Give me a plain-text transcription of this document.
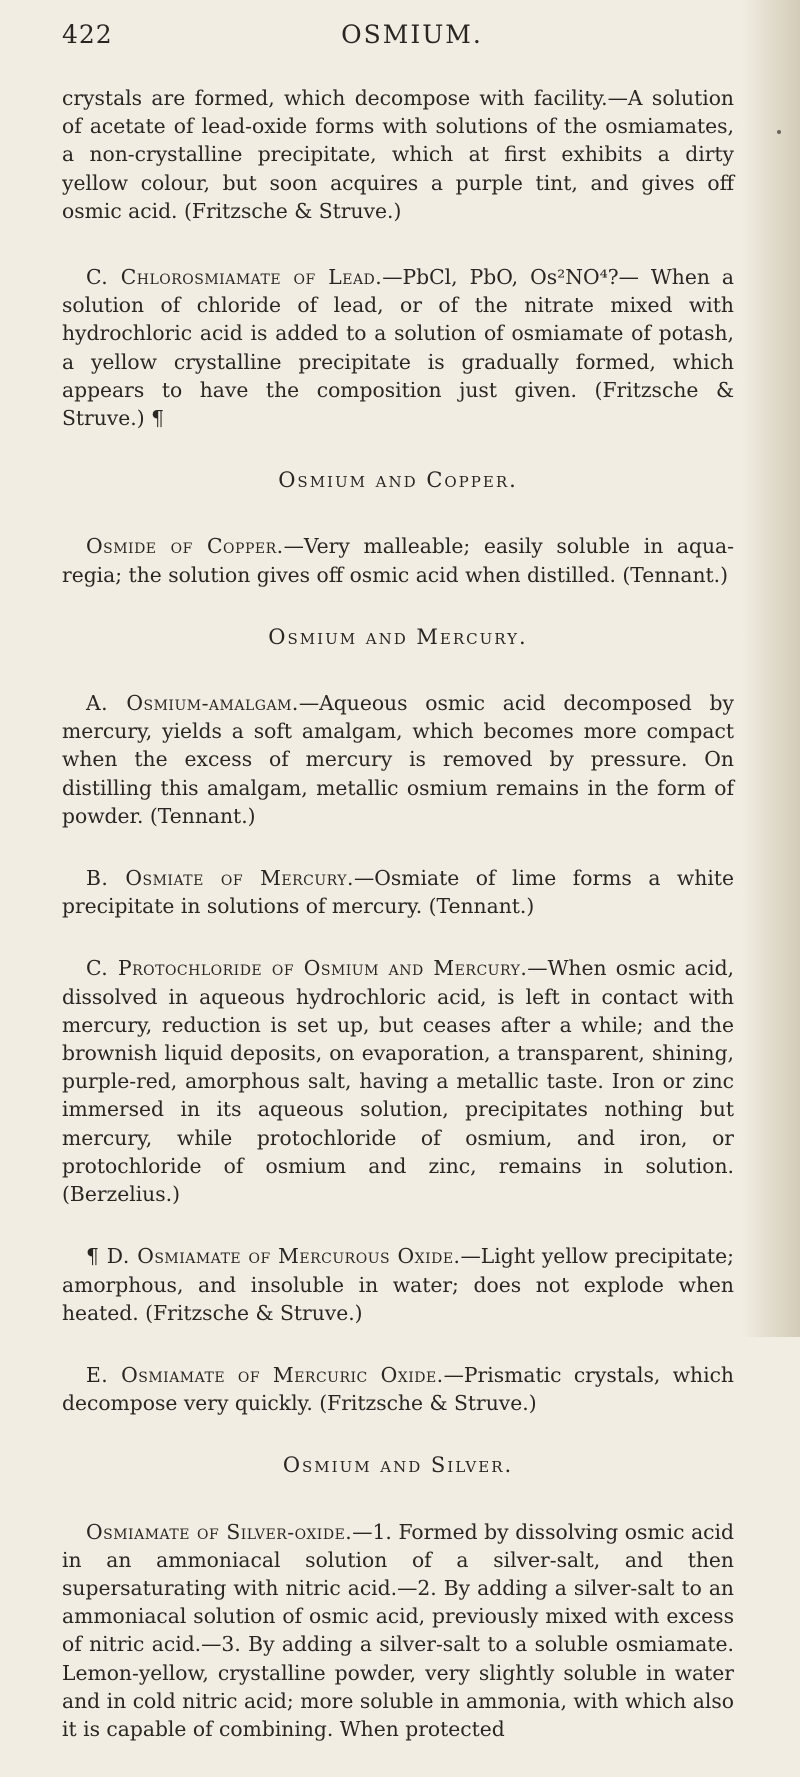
422	OSMIUM.

crystals are formed, which decompose with facility.—A solution of acetate of lead-oxide forms with solutions of the osmiamates, a non-crystalline precipitate, which at first exhibits a dirty yellow colour, but soon acquires a purple tint, and gives off osmic acid. (Fritzsche & Struve.)

C. Chlorosmiamate of Lead.—PbCl, PbO, Os²NO⁴?— When a solution of chloride of lead, or of the nitrate mixed with hydrochloric acid is added to a solution of osmiamate of potash, a yellow crystalline precipitate is gradually formed, which appears to have the composition just given. (Fritzsche & Struve.) ¶

Osmium and Copper.

Osmide of Copper.—Very malleable; easily soluble in aqua-regia; the solution gives off osmic acid when distilled. (Tennant.)

Osmium and Mercury.

A. Osmium-amalgam.—Aqueous osmic acid decomposed by mercury, yields a soft amalgam, which becomes more compact when the excess of mercury is removed by pressure. On distilling this amalgam, metallic osmium remains in the form of powder. (Tennant.)

B. Osmiate of Mercury.—Osmiate of lime forms a white precipitate in solutions of mercury. (Tennant.)

C. Protochloride of Osmium and Mercury.—When osmic acid, dissolved in aqueous hydrochloric acid, is left in contact with mercury, reduction is set up, but ceases after a while; and the brownish liquid deposits, on evaporation, a transparent, shining, purple-red, amorphous salt, having a metallic taste. Iron or zinc immersed in its aqueous solution, precipitates nothing but mercury, while protochloride of osmium, and iron, or protochloride of osmium and zinc, remains in solution. (Berzelius.)

¶ D. Osmiamate of Mercurous Oxide.—Light yellow precipitate; amorphous, and insoluble in water; does not explode when heated. (Fritzsche & Struve.)

E. Osmiamate of Mercuric Oxide.—Prismatic crystals, which decompose very quickly. (Fritzsche & Struve.)

Osmium and Silver.

Osmiamate of Silver-oxide.—1. Formed by dissolving osmic acid in an ammoniacal solution of a silver-salt, and then supersaturating with nitric acid.—2. By adding a silver-salt to an ammoniacal solution of osmic acid, previously mixed with excess of nitric acid.—3. By adding a silver-salt to a soluble osmiamate. Lemon-yellow, crystalline powder, very slightly soluble in water and in cold nitric acid; more soluble in ammonia, with which also it is capable of combining. When protected
